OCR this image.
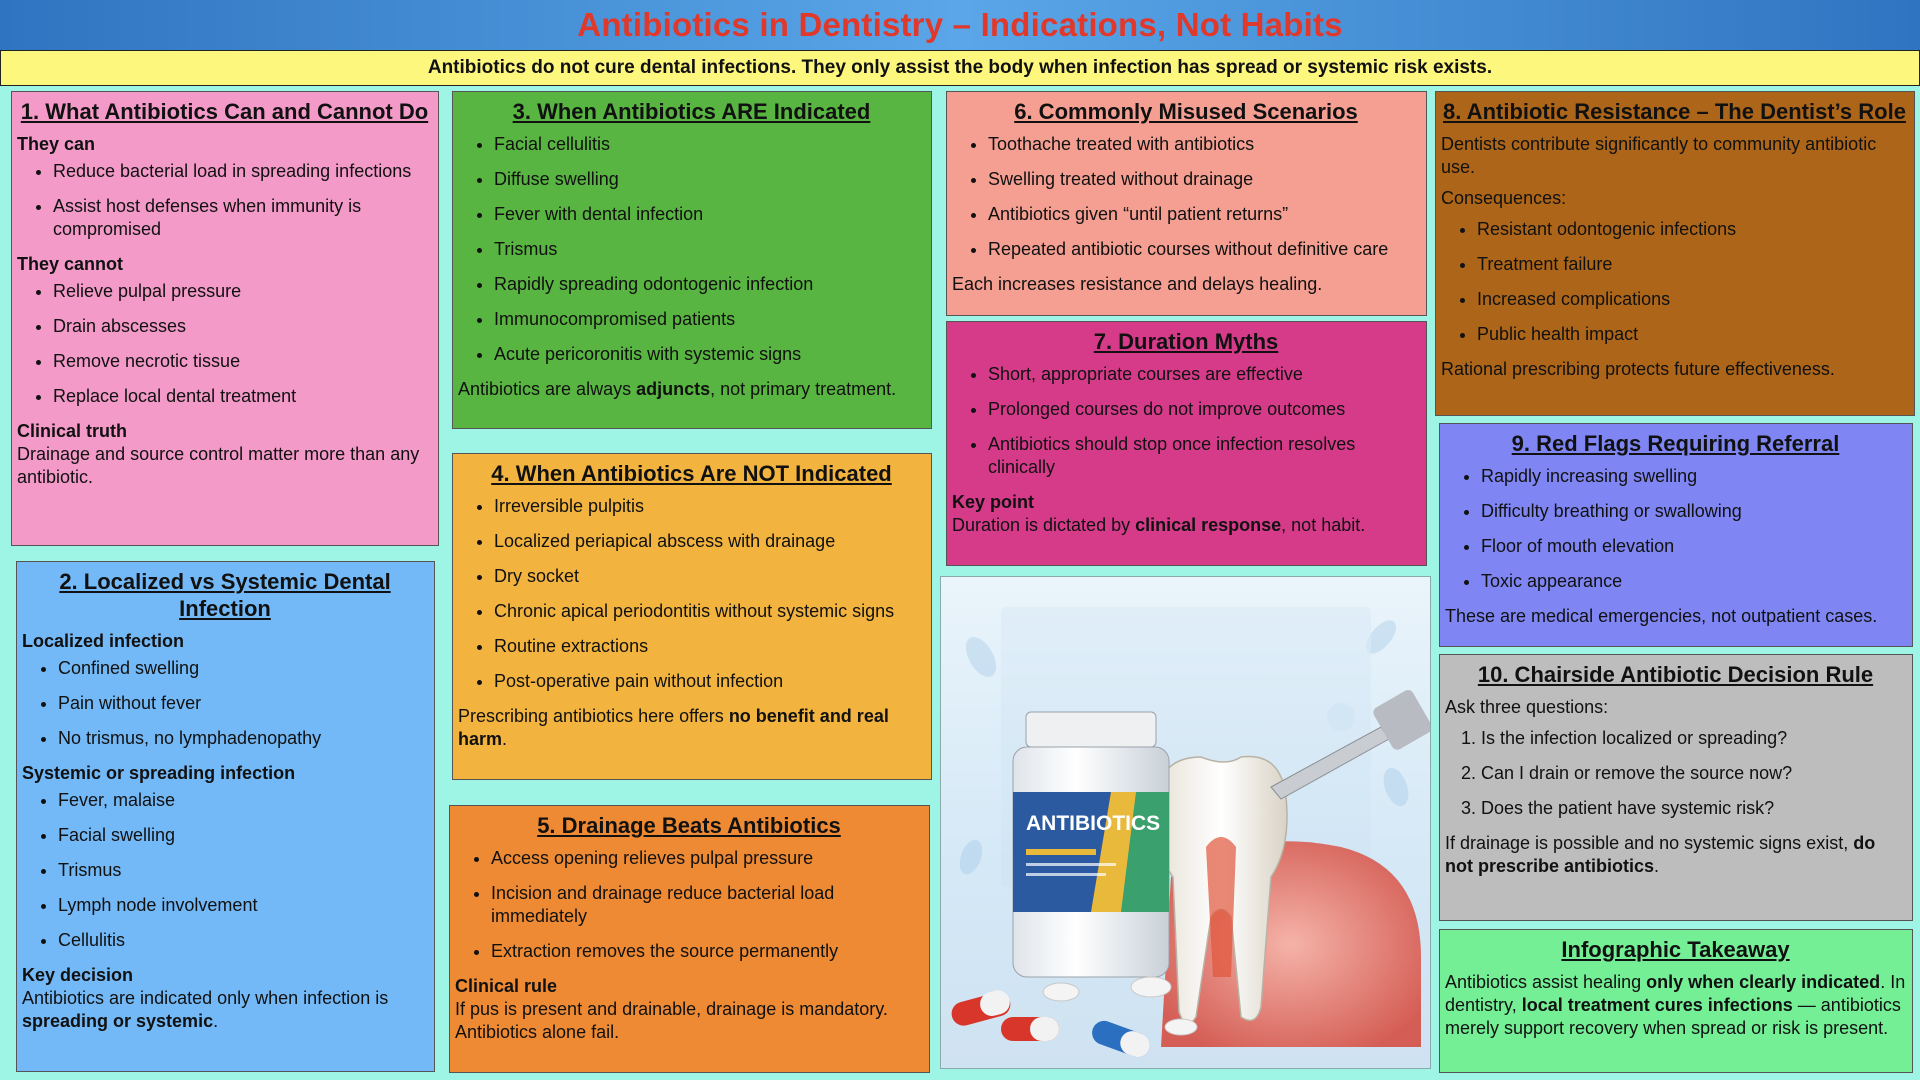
Antibiotics in Dentistry – Indications, Not Habits

Antibiotics do not cure dental infections. They only assist the body when infection has spread or systemic risk exists.

1. What Antibiotics Can and Cannot Do
They can
• Reduce bacterial load in spreading infections
• Assist host defenses when immunity is compromised
They cannot
• Relieve pulpal pressure
• Drain abscesses
• Remove necrotic tissue
• Replace local dental treatment
Clinical truth

Drainage and source control matter more than any antibiotic.

2. Localized vs Systemic Dental Infection
Localized infection
• Confined swelling
• Pain without fever
• No trismus, no lymphadenopathy
Systemic or spreading infection
• Fever, malaise
• Facial swelling
• Trismus
• Lymph node involvement
• Cellulitis
Key decision

Antibiotics are indicated only when infection is spreading or systemic.

3. When Antibiotics ARE Indicated
• Facial cellulitis
• Diffuse swelling
• Fever with dental infection
• Trismus
• Rapidly spreading odontogenic infection
• Immunocompromised patients
• Acute pericoronitis with systemic signs

Antibiotics are always adjuncts, not primary treatment.

4. When Antibiotics Are NOT Indicated
• Irreversible pulpitis
• Localized periapical abscess with drainage
• Dry socket
• Chronic apical periodontitis without systemic signs
• Routine extractions
• Post-operative pain without infection

Prescribing antibiotics here offers no benefit and real harm.

5. Drainage Beats Antibiotics
• Access opening relieves pulpal pressure
• Incision and drainage reduce bacterial load immediately
• Extraction removes the source permanently
Clinical rule

If pus is present and drainable, drainage is mandatory. Antibiotics alone fail.

6. Commonly Misused Scenarios
• Toothache treated with antibiotics
• Swelling treated without drainage
• Antibiotics given “until patient returns”
• Repeated antibiotic courses without definitive care

Each increases resistance and delays healing.

7. Duration Myths
• Short, appropriate courses are effective
• Prolonged courses do not improve outcomes
• Antibiotics should stop once infection resolves clinically
Key point

Duration is dictated by clinical response, not habit.

ANTIBIOTICS
8. Antibiotic Resistance – The Dentist’s Role

Dentists contribute significantly to community antibiotic use.

Consequences:

• Resistant odontogenic infections
• Treatment failure
• Increased complications
• Public health impact

Rational prescribing protects future effectiveness.

9. Red Flags Requiring Referral
• Rapidly increasing swelling
• Difficulty breathing or swallowing
• Floor of mouth elevation
• Toxic appearance

These are medical emergencies, not outpatient cases.

10. Chairside Antibiotic Decision Rule

Ask three questions:

1. Is the infection localized or spreading?
2. Can I drain or remove the source now?
3. Does the patient have systemic risk?

If drainage is possible and no systemic signs exist, do not prescribe antibiotics.

Infographic Takeaway

Antibiotics assist healing only when clearly indicated. In dentistry, local treatment cures infections — antibiotics merely support recovery when spread or risk is present.
